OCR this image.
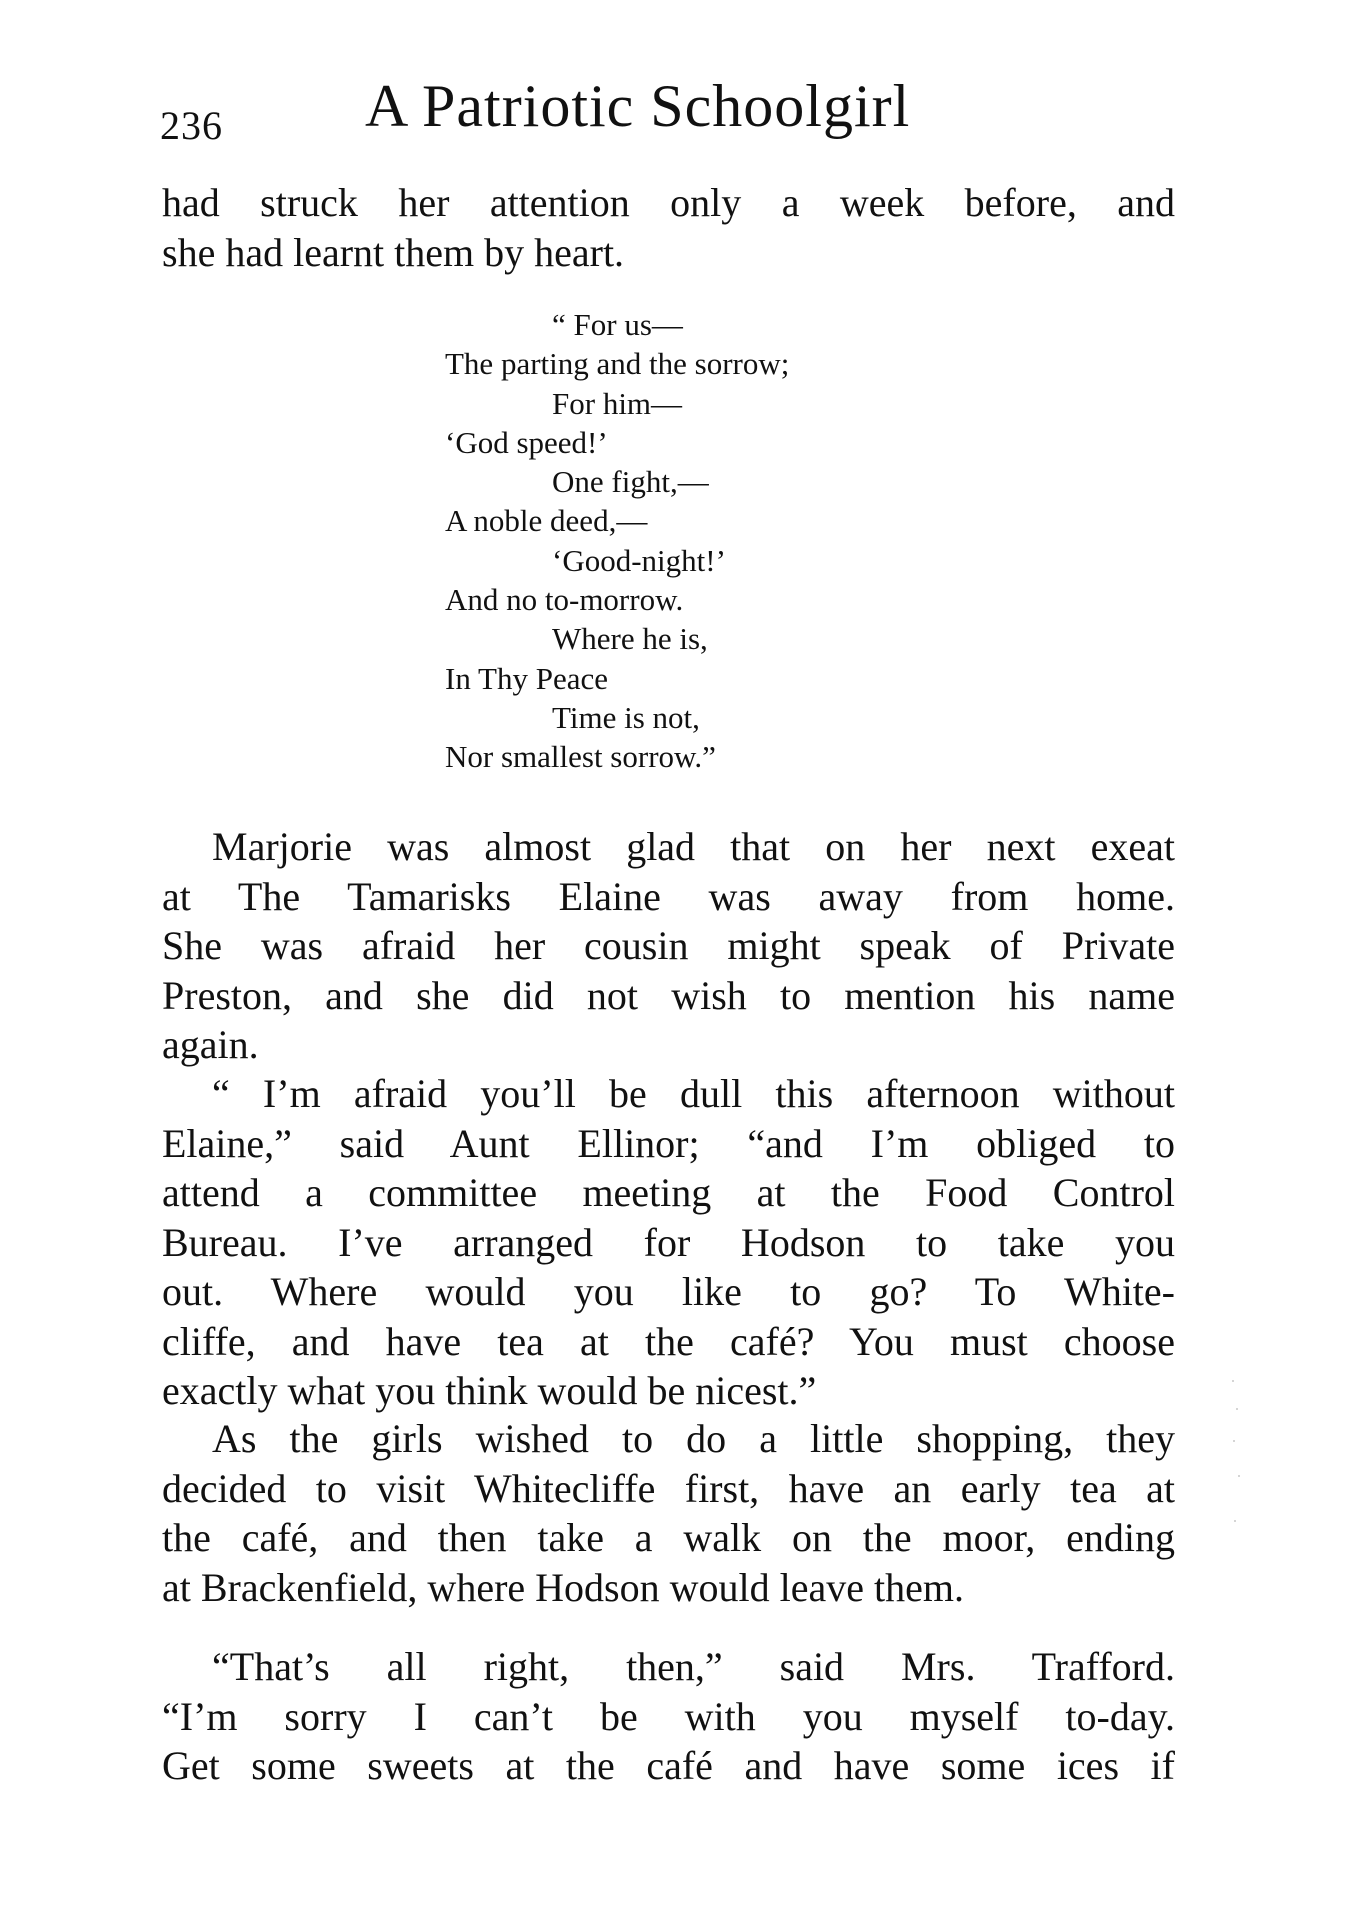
236 A Patriotic Schoolgirl
had struck her attention only a week before, and
she had learnt them by heart.
“ For us—
The parting and the sorrow;
For him—
‘God speed!’
One fight,—
A noble deed,—
‘Good-night!’
And no to-morrow.
Where he is,
In Thy Peace
Time is not,
Nor smallest sorrow.”
Marjorie was almost glad that on her next exeat
at The Tamarisks Elaine was away from home.
She was afraid her cousin might speak of Private
Preston, and she did not wish to mention his name
again.
“ I’m afraid you’ll be dull this afternoon without
Elaine,” said Aunt Ellinor; “and I’m obliged to
attend a committee meeting at the Food Control
Bureau. I’ve arranged for Hodson to take you
out. Where would you like to go? To White-
cliffe, and have tea at the café? You must choose
exactly what you think would be nicest.”
As the girls wished to do a little shopping, they
decided to visit Whitecliffe first, have an early tea at
the café, and then take a walk on the moor, ending
at Brackenfield, where Hodson would leave them.
“That’s all right, then,” said Mrs. Trafford.
“I’m sorry I can’t be with you myself to-day.
Get some sweets at the café and have some ices if
